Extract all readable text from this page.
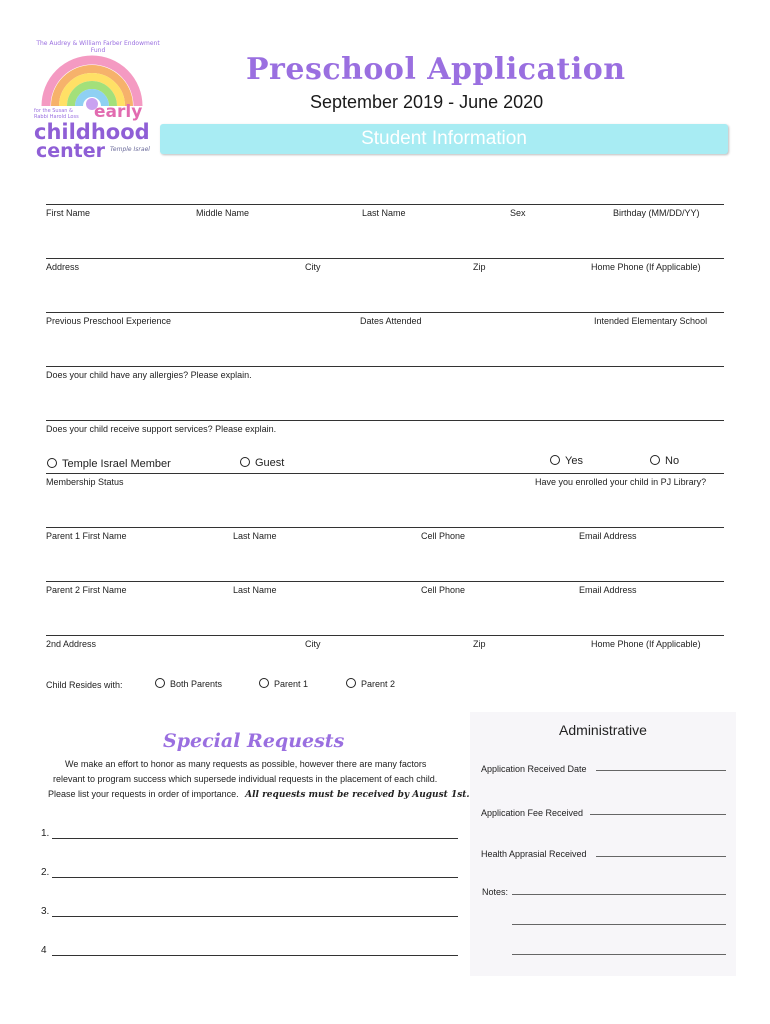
The Audrey & William Farber Endowment Fund
for the Susan &
Rabbi Harold Loss early
childhood
center Temple Israel
Preschool Application
September 2019 - June 2020
Student Information
First Name	Middle Name	Last Name	Sex	Birthday (MM/DD/YY)
Address	City	Zip	Home Phone (If Applicable)
Previous Preschool Experience	Dates Attended	Intended Elementary School
Does your child have any allergies? Please explain.
Does your child receive support services? Please explain.
Temple Israel Member	Guest	Yes	No
Membership Status	Have you enrolled your child in PJ Library?
Parent 1 First Name	Last Name	Cell Phone	Email Address
Parent 2 First Name	Last Name	Cell Phone	Email Address
2nd Address	City	Zip	Home Phone (If Applicable)
Child Resides with:	Both Parents	Parent 1	Parent 2
Special Requests
We make an effort to honor as many requests as possible, however there are many factors
relevant to program success which supersede individual requests in the placement of each child.
Please list your requests in order of importance. All requests must be received by August 1st.
1.
2.
3.
4
Administrative
Application Received Date
Application Fee Received
Health Apprasial Received
Notes:
